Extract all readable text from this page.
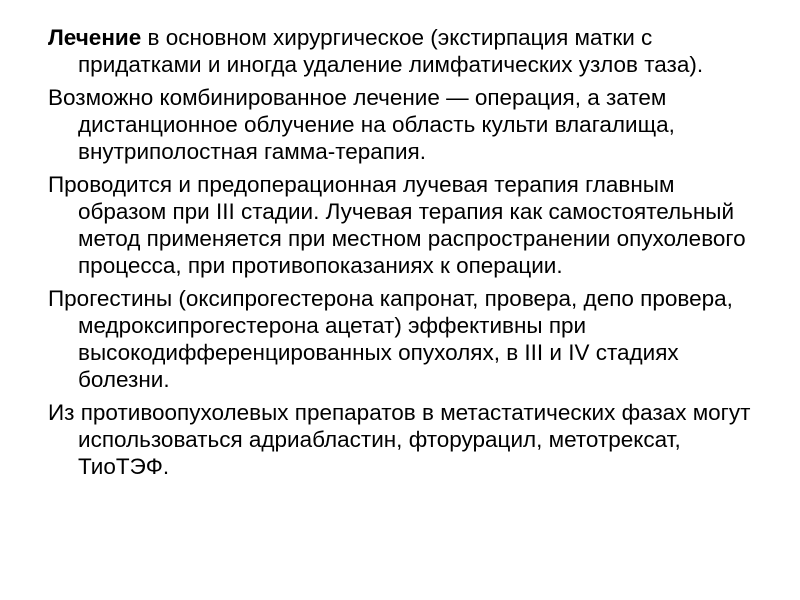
Лечение в основном хирургическое (экстирпация матки с придатками и иногда удаление лимфатических узлов таза).

Возможно комбинированное лечение — операция, а затем дистанционное облучение на область культи влагалища, внутриполостная гамма-терапия.

Проводится и предоперационная лучевая терапия главным образом при III стадии. Лучевая терапия как самостоятельный метод применяется при местном распространении опухолевого процесса, при противопоказаниях к операции.

Прогестины (оксипрогестерона капронат, провера, депо провера, медроксипрогестерона ацетат) эффективны при высокодифференцированных опухолях, в III и IV стадиях болезни.

Из противоопухолевых препаратов в метастатических фазах могут использоваться адриабластин, фторурацил, метотрексат, ТиоТЭФ.
